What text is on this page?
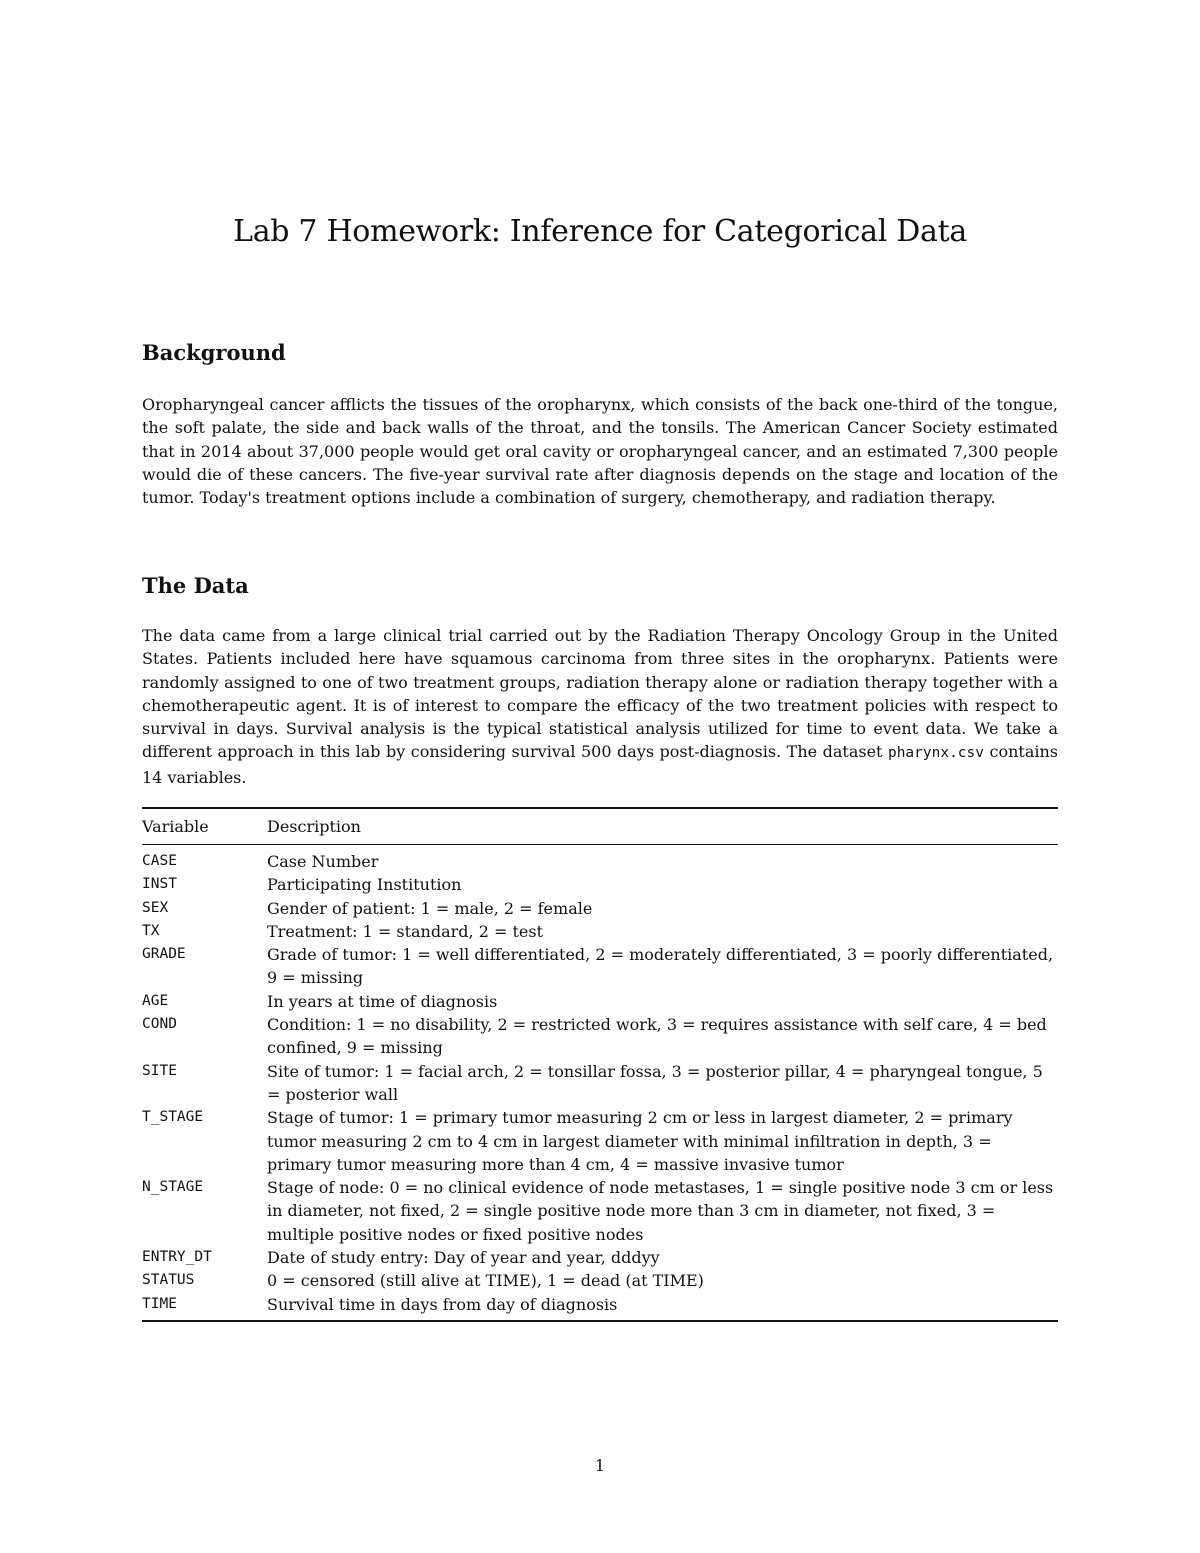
Lab 7 Homework: Inference for Categorical Data
Background

Oropharyngeal cancer afflicts the tissues of the oropharynx, which consists of the back one-third of the tongue, the soft palate, the side and back walls of the throat, and the tonsils. The American Cancer Society estimated that in 2014 about 37,000 people would get oral cavity or oropharyngeal cancer, and an estimated 7,300 people would die of these cancers. The five-year survival rate after diagnosis depends on the stage and location of the tumor. Today's treatment options include a combination of surgery, chemotherapy, and radiation therapy.

The Data

The data came from a large clinical trial carried out by the Radiation Therapy Oncology Group in the United States. Patients included here have squamous carcinoma from three sites in the oropharynx. Patients were randomly assigned to one of two treatment groups, radiation therapy alone or radiation therapy together with a chemotherapeutic agent. It is of interest to compare the efficacy of the two treatment policies with respect to survival in days. Survival analysis is the typical statistical analysis utilized for time to event data. We take a different approach in this lab by considering survival 500 days post-diagnosis. The dataset pharynx.csv contains 14 variables.

Variable	Description
CASE	Case Number
INST	Participating Institution
SEX	Gender of patient: 1 = male, 2 = female
TX	Treatment: 1 = standard, 2 = test
GRADE	Grade of tumor: 1 = well differentiated, 2 = moderately differentiated, 3 = poorly differentiated, 9 = missing
AGE	In years at time of diagnosis
COND	Condition: 1 = no disability, 2 = restricted work, 3 = requires assistance with self care, 4 = bed confined, 9 = missing
SITE	Site of tumor: 1 = facial arch, 2 = tonsillar fossa, 3 = posterior pillar, 4 = pharyngeal tongue, 5 = posterior wall
T_STAGE	Stage of tumor: 1 = primary tumor measuring 2 cm or less in largest diameter, 2 = primary tumor measuring 2 cm to 4 cm in largest diameter with minimal infiltration in depth, 3 = primary tumor measuring more than 4 cm, 4 = massive invasive tumor
N_STAGE	Stage of node: 0 = no clinical evidence of node metastases, 1 = single positive node 3 cm or less in diameter, not fixed, 2 = single positive node more than 3 cm in diameter, not fixed, 3 = multiple positive nodes or fixed positive nodes
ENTRY_DT	Date of study entry: Day of year and year, dddyy
STATUS	0 = censored (still alive at TIME), 1 = dead (at TIME)
TIME	Survival time in days from day of diagnosis
1
